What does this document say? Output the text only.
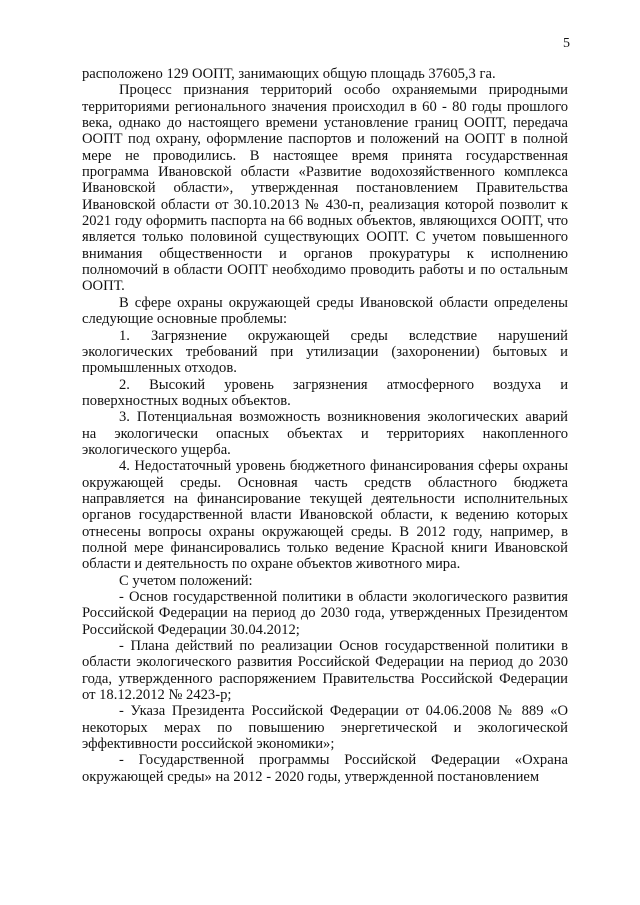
5

расположено 129 ООПТ, занимающих общую площадь 37605,3 га.

Процесс признания территорий особо охраняемыми природными территориями регионального значения происходил в 60 - 80 годы прошлого века, однако до настоящего времени установление границ ООПТ, передача ООПТ под охрану, оформление паспортов и положений на ООПТ в полной мере не проводились. В настоящее время принята государственная программа Ивановской области «Развитие водохозяйственного комплекса Ивановской области», утвержденная постановлением Правительства Ивановской области от 30.10.2013 № 430-п, реализация которой позволит к 2021 году оформить паспорта на 66 водных объектов, являющихся ООПТ, что является только половиной существующих ООПТ. С учетом повышенного внимания общественности и органов прокуратуры к исполнению полномочий в области ООПТ необходимо проводить работы и по остальным ООПТ.

В сфере охраны окружающей среды Ивановской области определены следующие основные проблемы:

1. Загрязнение окружающей среды вследствие нарушений экологических требований при утилизации (захоронении) бытовых и промышленных отходов.

2. Высокий уровень загрязнения атмосферного воздуха и поверхностных водных объектов.

3. Потенциальная возможность возникновения экологических аварий на экологически опасных объектах и территориях накопленного экологического ущерба.

4. Недостаточный уровень бюджетного финансирования сферы охраны окружающей среды. Основная часть средств областного бюджета направляется на финансирование текущей деятельности исполнительных органов государственной власти Ивановской области, к ведению которых отнесены вопросы охраны окружающей среды. В 2012 году, например, в полной мере финансировались только ведение Красной книги Ивановской области и деятельность по охране объектов животного мира.

С учетом положений:

- Основ государственной политики в области экологического развития Российской Федерации на период до 2030 года, утвержденных Президентом Российской Федерации 30.04.2012;

- Плана действий по реализации Основ государственной политики в области экологического развития Российской Федерации на период до 2030 года, утвержденного распоряжением Правительства Российской Федерации от 18.12.2012 № 2423-р;

- Указа Президента Российской Федерации от 04.06.2008 № 889 «О некоторых мерах по повышению энергетической и экологической эффективности российской экономики»;

- Государственной программы Российской Федерации «Охрана окружающей среды» на 2012 - 2020 годы, утвержденной постановлением
